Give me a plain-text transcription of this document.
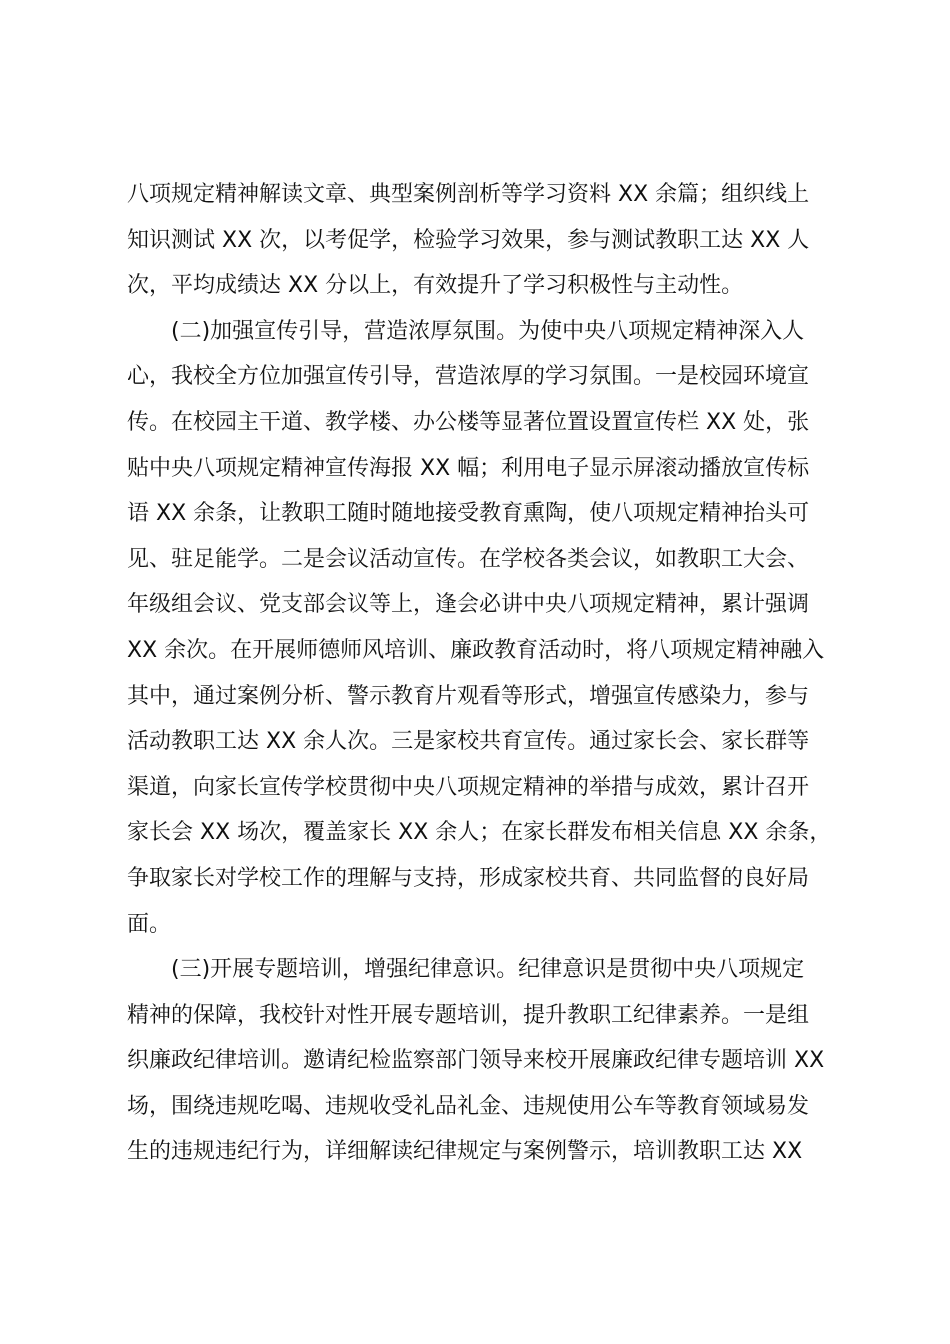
八项规定精神解读文章、典型案例剖析等学习资料 XX 余篇；组织线上
知识测试 XX 次，以考促学，检验学习效果，参与测试教职工达 XX 人
次，平均成绩达 XX 分以上，有效提升了学习积极性与主动性。
(二)加强宣传引导，营造浓厚氛围。为使中央八项规定精神深入人
心，我校全方位加强宣传引导，营造浓厚的学习氛围。一是校园环境宣
传。在校园主干道、教学楼、办公楼等显著位置设置宣传栏 XX 处，张
贴中央八项规定精神宣传海报 XX 幅；利用电子显示屏滚动播放宣传标
语 XX 余条，让教职工随时随地接受教育熏陶，使八项规定精神抬头可
见、驻足能学。二是会议活动宣传。在学校各类会议，如教职工大会、
年级组会议、党支部会议等上，逢会必讲中央八项规定精神，累计强调
XX 余次。在开展师德师风培训、廉政教育活动时，将八项规定精神融入
其中，通过案例分析、警示教育片观看等形式，增强宣传感染力，参与
活动教职工达 XX 余人次。三是家校共育宣传。通过家长会、家长群等
渠道，向家长宣传学校贯彻中央八项规定精神的举措与成效，累计召开
家长会 XX 场次，覆盖家长 XX 余人；在家长群发布相关信息 XX 余条，
争取家长对学校工作的理解与支持，形成家校共育、共同监督的良好局
面。
(三)开展专题培训，增强纪律意识。纪律意识是贯彻中央八项规定
精神的保障，我校针对性开展专题培训，提升教职工纪律素养。一是组
织廉政纪律培训。邀请纪检监察部门领导来校开展廉政纪律专题培训 XX
场，围绕违规吃喝、违规收受礼品礼金、违规使用公车等教育领域易发
生的违规违纪行为，详细解读纪律规定与案例警示，培训教职工达 XX
